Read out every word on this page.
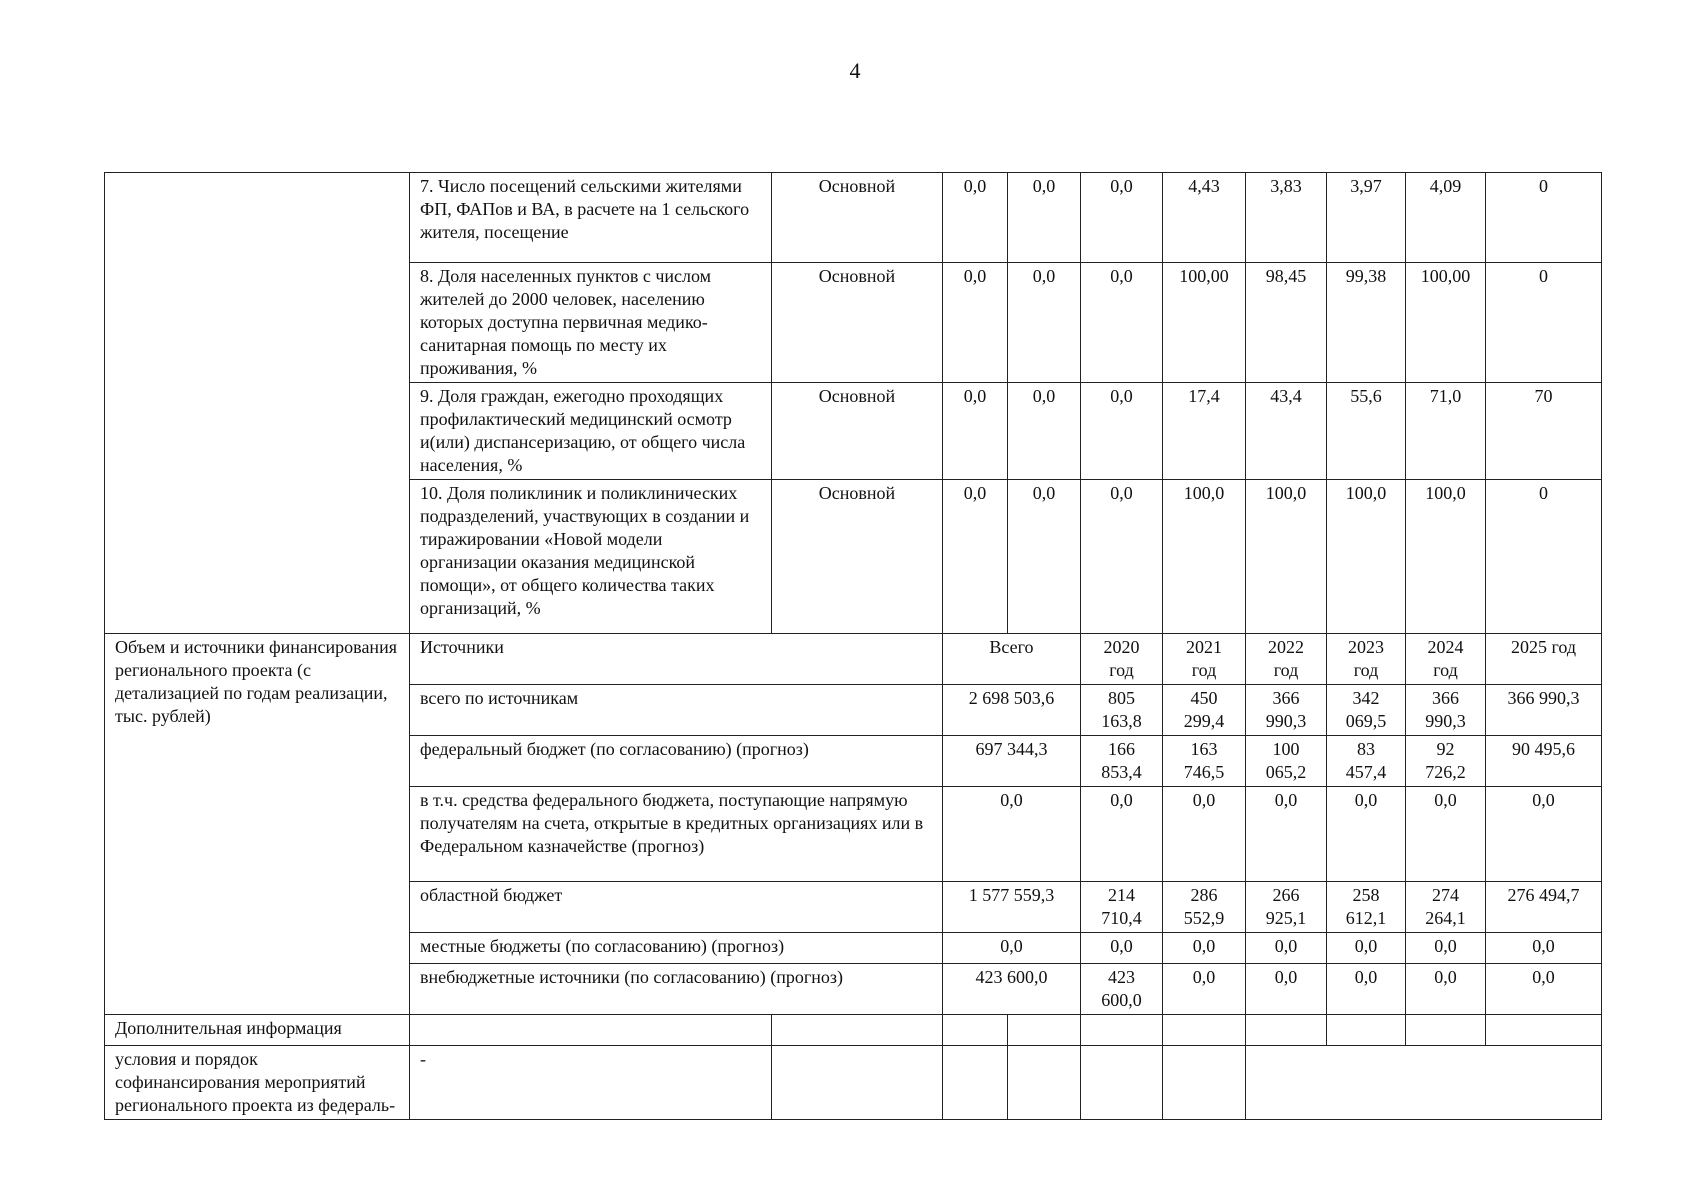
4
	7. Число посещений сельскими жителями ФП, ФАПов и ВА, в расчете на 1 сельского жителя, посещение	Основной	0,0	0,0	0,0	4,43	3,83	3,97	4,09	0
	8. Доля населенных пунктов с числом жителей до 2000 человек, населению которых доступна первичная медико-санитарная помощь по месту их проживания, %	Основной	0,0	0,0	0,0	100,00	98,45	99,38	100,00	0
	9. Доля граждан, ежегодно проходящих профилактический медицинский осмотр и(или) диспансеризацию, от общего числа населения, %	Основной	0,0	0,0	0,0	17,4	43,4	55,6	71,0	70
	10. Доля поликлиник и поликлинических подразделений, участвующих в создании и тиражировании «Новой модели организации оказания медицинской помощи», от общего количества таких организаций, %	Основной	0,0	0,0	0,0	100,0	100,0	100,0	100,0	0
Объем и источники финансирования регионального проекта (с детализацией по годам реализации, тыс. рублей)	Источники		Всего		2020 год	2021 год	2022 год	2023 год	2024 год	2025 год
	всего по источникам		2 698 503,6		805 163,8	450 299,4	366 990,3	342 069,5	366 990,3	366 990,3
	федеральный бюджет (по согласованию) (прогноз)		697 344,3		166 853,4	163 746,5	100 065,2	83 457,4	92 726,2	90 495,6
	в т.ч. средства федерального бюджета, поступающие напрямую получателям на счета, открытые в кредитных организациях или в Федеральном казначействе (прогноз)		0,0		0,0	0,0	0,0	0,0	0,0	0,0
	областной бюджет		1 577 559,3		214 710,4	286 552,9	266 925,1	258 612,1	274 264,1	276 494,7
	местные бюджеты (по согласованию) (прогноз)		0,0		0,0	0,0	0,0	0,0	0,0	0,0
	внебюджетные источники (по согласованию) (прогноз)		423 600,0		423 600,0	0,0	0,0	0,0	0,0	0,0
Дополнительная информация										
условия и порядок софинансирования мероприятий регионального проекта из федераль-	-									
